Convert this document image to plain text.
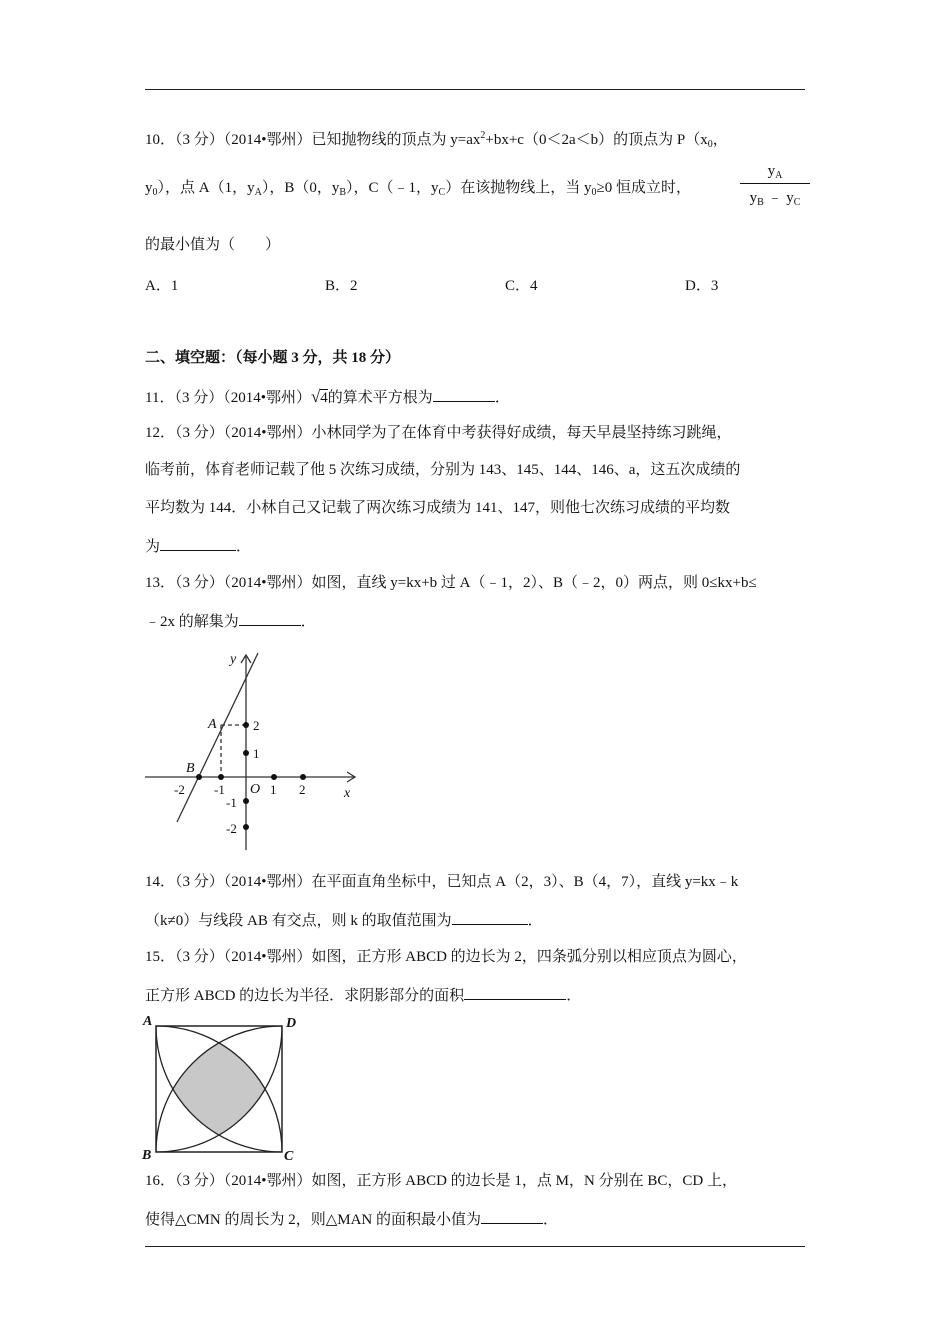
10．（3 分）（2014•鄂州）已知抛物线的顶点为 $y=ax^2+bx+c(0<2a<b)$的顶点为 $P(x_0$，
$y_0$），点 A（1，$y_A$），B（0，$y_B$），C（﹣1，$y_C$）在该抛物线上，当 $y_0\ge 0$ 恒成立时，	$\frac{y_A}{y_B ﹣ y_C}$
的最小值为（　　）
A．1	B．2	C．4	D．3
二、填空题：（每小题 3 分，共 18 分）
11．（3 分）（2014•鄂州）√4的算术平方根为	．
12．（3 分）（2014•鄂州）小林同学为了在体育中考获得好成绩，每天早晨坚持练习跳绳，
临考前，体育老师记载了他 5 次练习成绩，分别为 143、145、144、146、a，这五次成绩的
平均数为 144．小林自己又记载了两次练习成绩为 141、147，则他七次练习成绩的平均数
为	．
13．（3 分）（2014•鄂州）如图，直线 y=kx+b 过 A（﹣1，2）、B（﹣2，0）两点，则 0≤kx+b≤
﹣2x 的解集为	．
y
x
O
A
B
-2 -1	1 2
2
1
-1
-2
14．（3 分）（2014•鄂州）在平面直角坐标中，已知点 A（2，3）、B（4，7），直线 y=kx﹣k
（k≠0）与线段 AB 有交点，则 k 的取值范围为	．
15．（3 分）（2014•鄂州）如图，正方形 ABCD 的边长为 2，四条弧分别以相应顶点为圆心，
正方形 ABCD 的边长为半径．求阴影部分的面积	．
A	D
B	C
16．（3 分）（2014•鄂州）如图，正方形 ABCD 的边长是 1，点 M，N 分别在 BC，CD 上，
使得△CMN 的周长为 2，则△MAN 的面积最小值为	．
